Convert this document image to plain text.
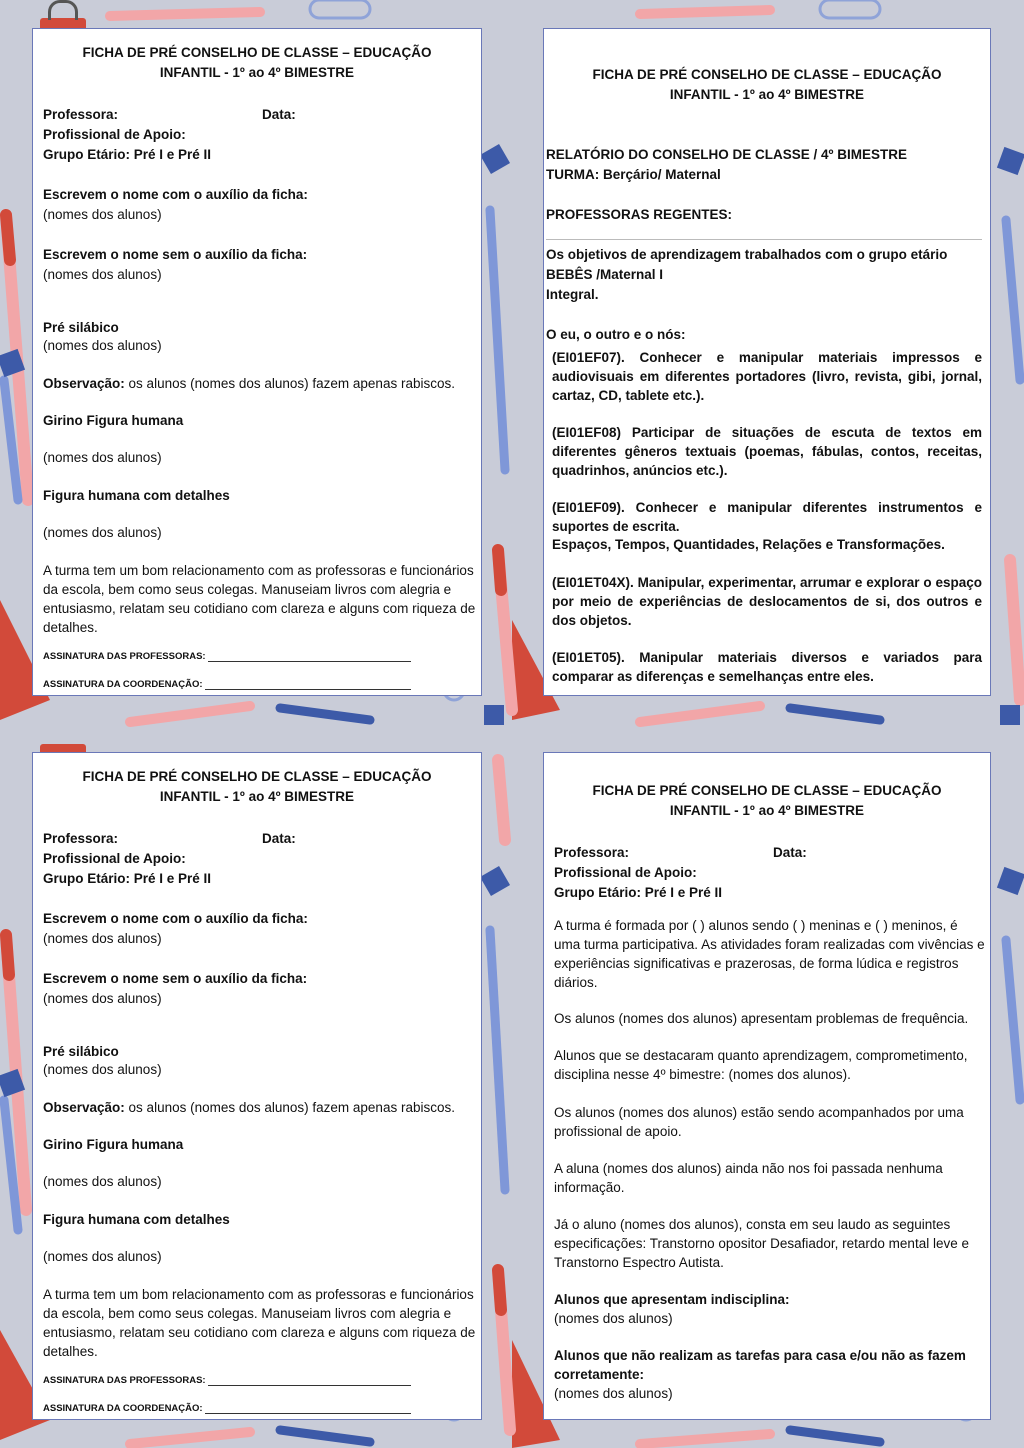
FICHA DE PRÉ CONSELHO DE CLASSE – EDUCAÇÃO
INFANTIL - 1º ao 4º BIMESTRE

Professora:	Data:

Profissional de Apoio:

Grupo Etário: Pré I e Pré II

Escrevem o nome com o auxílio da ficha:

(nomes dos alunos)

Escrevem o nome sem o auxílio da ficha:

(nomes dos alunos)

Pré silábico

(nomes dos alunos)

Observação: os alunos (nomes dos alunos) fazem apenas rabiscos.

Girino Figura humana

(nomes dos alunos)

Figura humana com detalhes

(nomes dos alunos)

A turma tem um bom relacionamento com as professoras e funcionários da escola, bem como seus colegas. Manuseiam livros com alegria e entusiasmo, relatam seu cotidiano com clareza e alguns com riqueza de detalhes.

ASSINATURA DAS PROFESSORAS:
ASSINATURA DA COORDENAÇÃO:
FICHA DE PRÉ CONSELHO DE CLASSE – EDUCAÇÃO
INFANTIL - 1º ao 4º BIMESTRE

RELATÓRIO DO CONSELHO DE CLASSE / 4º BIMESTRE

TURMA: Berçário/ Maternal

PROFESSORAS REGENTES:

Os objetivos de aprendizagem trabalhados com o grupo etário

BEBÊS /Maternal I

Integral.

O eu, o outro e o nós:

(EI01EF07). Conhecer e manipular materiais impressos e audiovisuais em diferentes portadores (livro, revista, gibi, jornal, cartaz, CD, tablete etc.).

(EI01EF08) Participar de situações de escuta de textos em diferentes gêneros textuais (poemas, fábulas, contos, receitas, quadrinhos, anúncios etc.).

(EI01EF09). Conhecer e manipular diferentes instrumentos e suportes de escrita.

Espaços, Tempos, Quantidades, Relações e Transformações.

(EI01ET04X). Manipular, experimentar, arrumar e explorar o espaço por meio de experiências de deslocamentos de si, dos outros e dos objetos.

(EI01ET05). Manipular materiais diversos e variados para comparar as diferenças e semelhanças entre eles.

FICHA DE PRÉ CONSELHO DE CLASSE – EDUCAÇÃO
INFANTIL - 1º ao 4º BIMESTRE

Professora:	Data:

Profissional de Apoio:

Grupo Etário: Pré I e Pré II

Escrevem o nome com o auxílio da ficha:

(nomes dos alunos)

Escrevem o nome sem o auxílio da ficha:

(nomes dos alunos)

Pré silábico

(nomes dos alunos)

Observação: os alunos (nomes dos alunos) fazem apenas rabiscos.

Girino Figura humana

(nomes dos alunos)

Figura humana com detalhes

(nomes dos alunos)

A turma tem um bom relacionamento com as professoras e funcionários da escola, bem como seus colegas. Manuseiam livros com alegria e entusiasmo, relatam seu cotidiano com clareza e alguns com riqueza de detalhes.

ASSINATURA DAS PROFESSORAS:
ASSINATURA DA COORDENAÇÃO:
FICHA DE PRÉ CONSELHO DE CLASSE – EDUCAÇÃO
INFANTIL - 1º ao 4º BIMESTRE

Professora:	Data:

Profissional de Apoio:

Grupo Etário: Pré I e Pré II

A turma é formada por ( ) alunos sendo ( ) meninas e ( ) meninos, é uma turma participativa. As atividades foram realizadas com vivências e experiências significativas e prazerosas, de forma lúdica e registros diários.

Os alunos (nomes dos alunos) apresentam problemas de frequência.

Alunos que se destacaram quanto aprendizagem, comprometimento, disciplina nesse 4º bimestre: (nomes dos alunos).

Os alunos (nomes dos alunos) estão sendo acompanhados por uma profissional de apoio.

A aluna (nomes dos alunos) ainda não nos foi passada nenhuma informação.

Já o aluno (nomes dos alunos), consta em seu laudo as seguintes especificações: Transtorno opositor Desafiador, retardo mental leve e Transtorno Espectro Autista.

Alunos que apresentam indisciplina:

(nomes dos alunos)

Alunos que não realizam as tarefas para casa e/ou não as fazem corretamente:

(nomes dos alunos)
